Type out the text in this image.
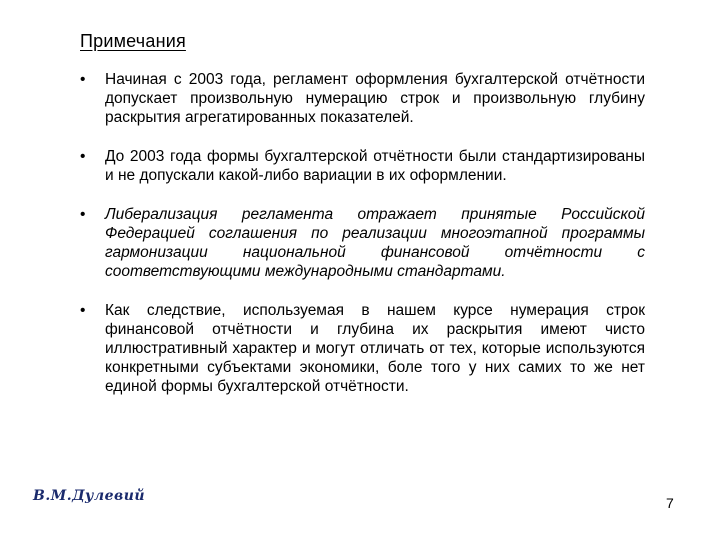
Примечания
• Начиная с 2003 года, регламент оформления бухгалтерской отчётности допускает произвольную нумерацию строк и произвольную глубину раскрытия агрегатированных показателей.
• До 2003 года формы бухгалтерской отчётности были стандартизированы и не допускали какой-либо вариации в их оформлении.
• Либерализация регламента отражает принятые Российской Федерацией соглашения по реализации многоэтапной программы гармонизации национальной финансовой отчётности с соответствующими международными стандартами.
• Как следствие, используемая в нашем курсе нумерация строк финансовой отчётности и глубина их раскрытия имеют чисто иллюстративный характер и могут отличать от тех, которые используются конкретными субъектами экономики, боле того у них самих то же нет единой формы бухгалтерской отчётности.
В.М.Дулевий	7
